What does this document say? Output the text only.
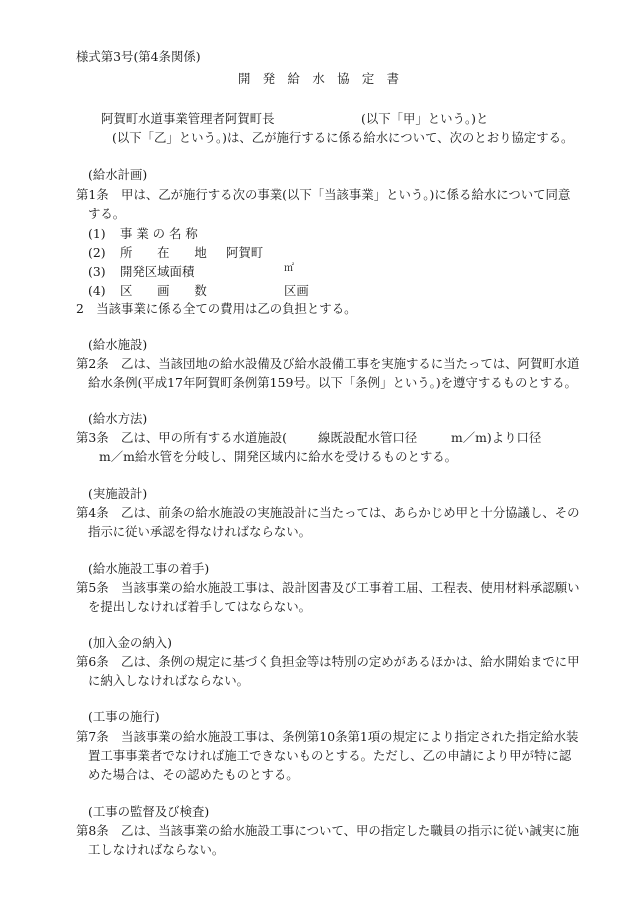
様式第3号(第4条関係)
開　発　給　水　協　定　書
阿賀町水道事業管理者阿賀町長	(以下「甲」という。)と
(以下「乙」という。)は、乙が施行するに係る給水について、次のとおり協定する。
(給水計画)
第1条　甲は、乙が施行する次の事業(以下「当該事業」という。)に係る給水について同意
する。
(1) 事 業 の 名 称
(2) 所　　在　　地 阿賀町
(3) 開発区域面積	㎡
(4) 区　　画　　数	区画
2　当該事業に係る全ての費用は乙の負担とする。
(給水施設)
第2条　乙は、当該団地の給水設備及び給水設備工事を実施するに当たっては、阿賀町水道
給水条例(平成17年阿賀町条例第159号。以下「条例」という。)を遵守するものとする。
(給水方法)
第3条　乙は、甲の所有する水道施設(	線既設配水管口径	m／m)より口径
m／m給水管を分岐し、開発区域内に給水を受けるものとする。
(実施設計)
第4条　乙は、前条の給水施設の実施設計に当たっては、あらかじめ甲と十分協議し、その
指示に従い承認を得なければならない。
(給水施設工事の着手)
第5条　当該事業の給水施設工事は、設計図書及び工事着工届、工程表、使用材料承認願い
を提出しなければ着手してはならない。
(加入金の納入)
第6条　乙は、条例の規定に基づく負担金等は特別の定めがあるほかは、給水開始までに甲
に納入しなければならない。
(工事の施行)
第7条　当該事業の給水施設工事は、条例第10条第1項の規定により指定された指定給水装
置工事事業者でなければ施工できないものとする。ただし、乙の申請により甲が特に認
めた場合は、その認めたものとする。
(工事の監督及び検査)
第8条　乙は、当該事業の給水施設工事について、甲の指定した職員の指示に従い誠実に施
工しなければならない。
